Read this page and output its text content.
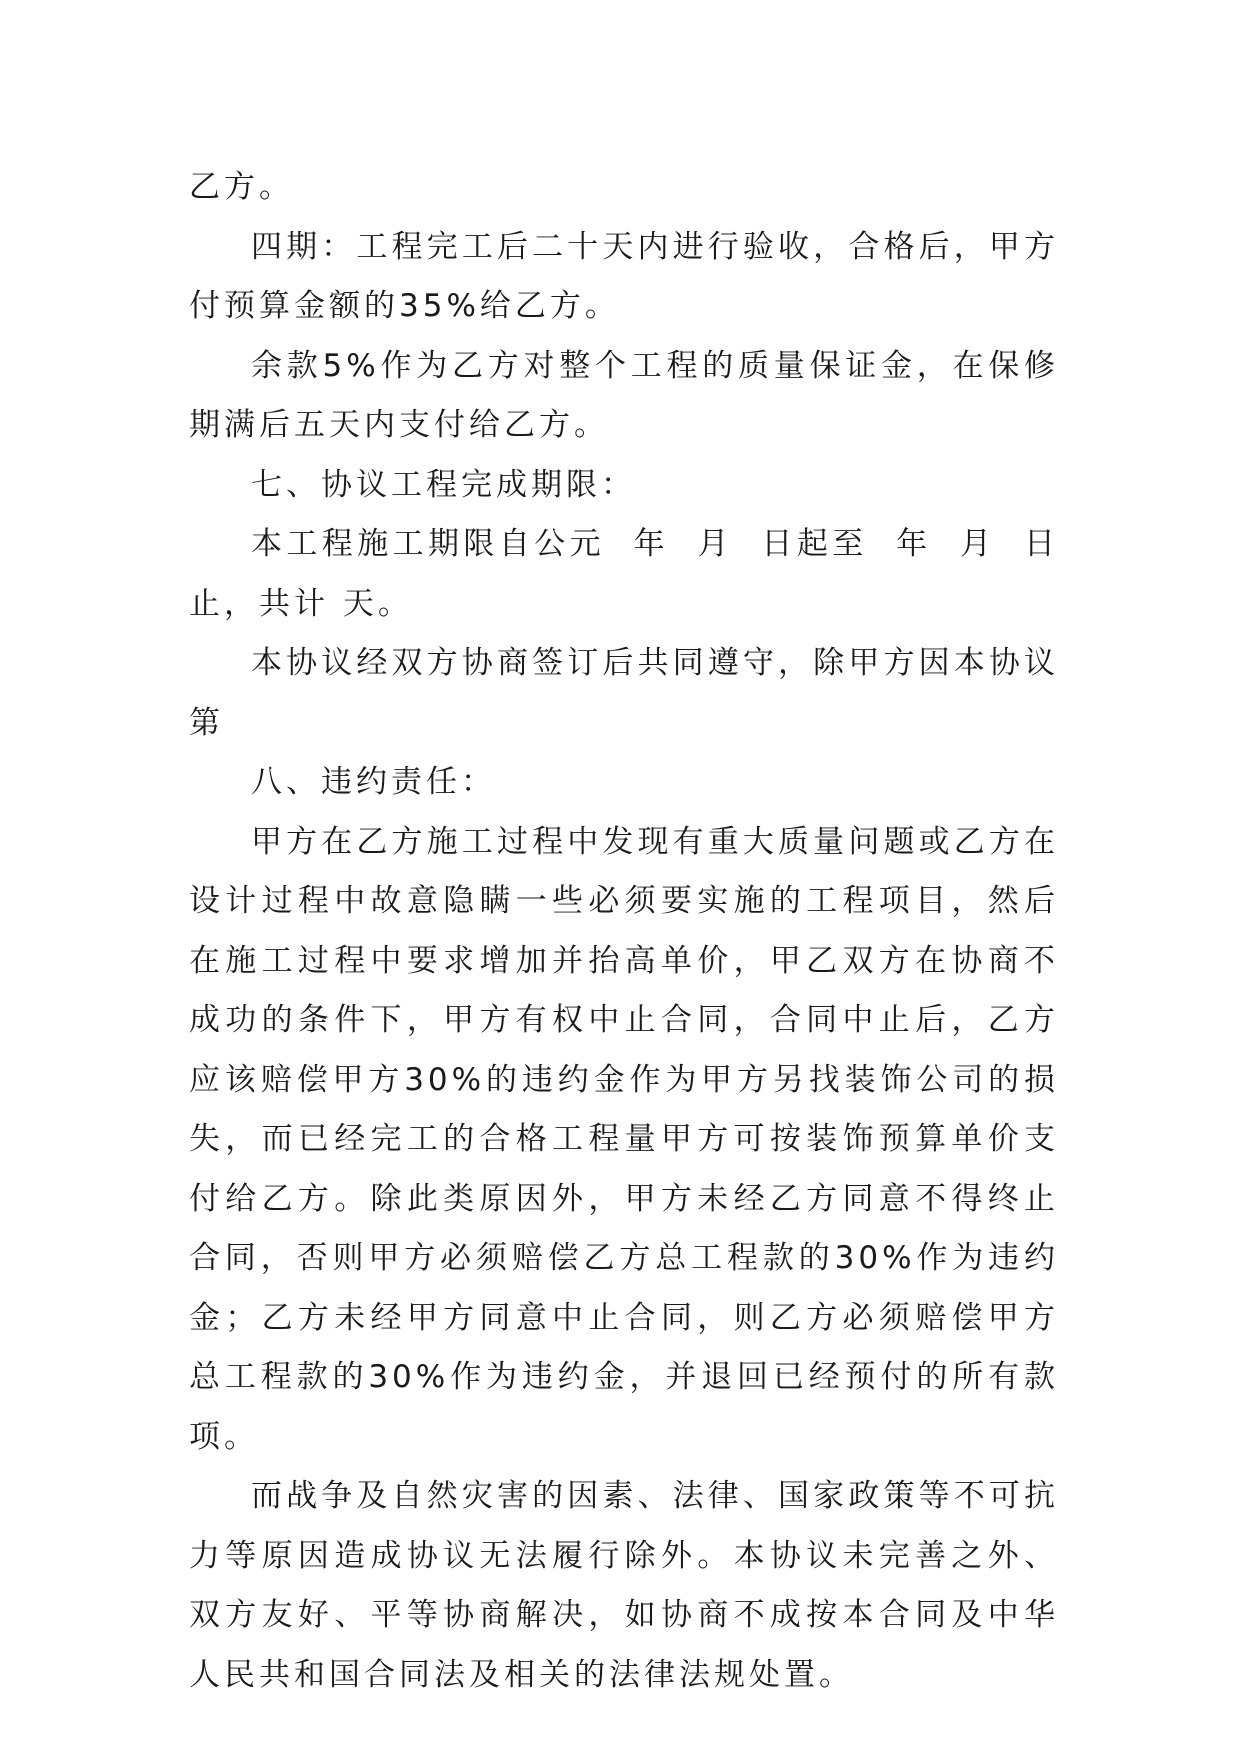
乙方。

四期：工程完工后二十天内进行验收，合格后，甲方付预算金额的35%给乙方。

余款5%作为乙方对整个工程的质量保证金，在保修期满后五天内支付给乙方。

七、协议工程完成期限：

本工程施工期限自公元  年  月  日起至  年  月  日止，共计 天。

本协议经双方协商签订后共同遵守，除甲方因本协议第

八、违约责任：

甲方在乙方施工过程中发现有重大质量问题或乙方在设计过程中故意隐瞒一些必须要实施的工程项目，然后在施工过程中要求增加并抬高单价，甲乙双方在协商不成功的条件下，甲方有权中止合同，合同中止后，乙方应该赔偿甲方30%的违约金作为甲方另找装饰公司的损失，而已经完工的合格工程量甲方可按装饰预算单价支付给乙方。除此类原因外，甲方未经乙方同意不得终止合同，否则甲方必须赔偿乙方总工程款的30%作为违约金；乙方未经甲方同意中止合同，则乙方必须赔偿甲方总工程款的30%作为违约金，并退回已经预付的所有款项。

而战争及自然灾害的因素、法律、国家政策等不可抗力等原因造成协议无法履行除外。本协议未完善之外、双方友好、平等协商解决，如协商不成按本合同及中华人民共和国合同法及相关的法律法规处置。
